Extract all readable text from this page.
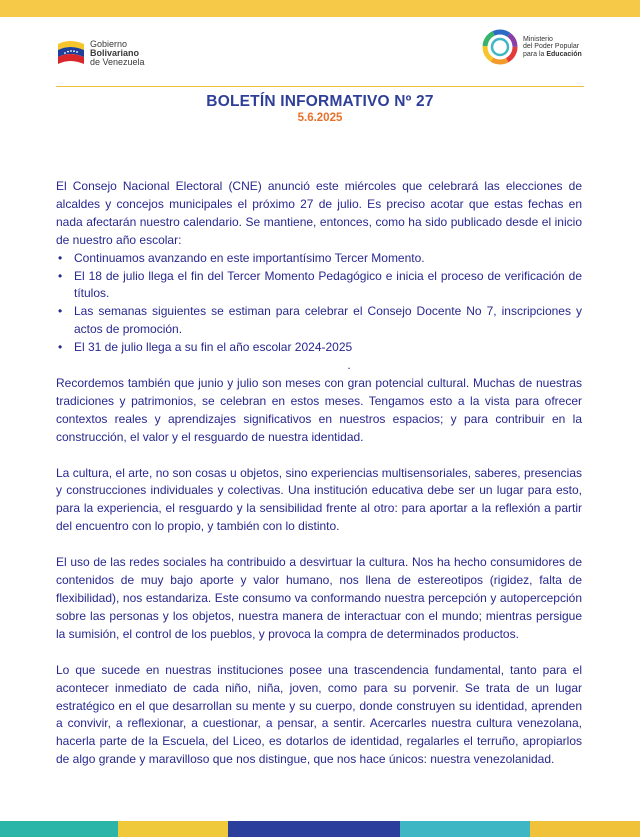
Gobierno
Bolivariano
de Venezuela
Ministerio
del Poder Popular
para la Educación
BOLETÍN INFORMATIVO Nº 27
5.6.2025

El Consejo Nacional Electoral (CNE) anunció este miércoles que celebrará las elecciones de alcaldes y concejos municipales el próximo 27 de julio. Es preciso acotar que estas fechas en nada afectarán nuestro calendario. Se mantiene, entonces, como ha sido publicado desde el inicio de nuestro año escolar:

• Continuamos avanzando en este importantísimo Tercer Momento.
• El 18 de julio llega el fin del Tercer Momento Pedagógico e inicia el proceso de verificación de títulos.
• Las semanas siguientes se estiman para celebrar el Consejo Docente No 7, inscripciones y actos de promoción.
• El 31 de julio llega a su fin el año escolar 2024-2025
.

Recordemos también que junio y julio son meses con gran potencial cultural. Muchas de nuestras tradiciones y patrimonios, se celebran en estos meses. Tengamos esto a la vista para ofrecer contextos reales y aprendizajes significativos en nuestros espacios; y para contribuir en la construcción, el valor y el resguardo de nuestra identidad.

La cultura, el arte, no son cosas u objetos, sino experiencias multisensoriales, saberes, presencias y construcciones individuales y colectivas. Una institución educativa debe ser un lugar para esto, para la experiencia, el resguardo y la sensibilidad frente al otro: para aportar a la reflexión a partir del encuentro con lo propio, y también con lo distinto.

El uso de las redes sociales ha contribuido a desvirtuar la cultura. Nos ha hecho consumidores de contenidos de muy bajo aporte y valor humano, nos llena de estereotipos (rigidez, falta de flexibilidad), nos estandariza. Este consumo va conformando nuestra percepción y autopercepción sobre las personas y los objetos, nuestra manera de interactuar con el mundo; mientras persigue la sumisión, el control de los pueblos, y provoca la compra de determinados productos.

Lo que sucede en nuestras instituciones posee una trascendencia fundamental, tanto para el acontecer inmediato de cada niño, niña, joven, como para su porvenir. Se trata de un lugar estratégico en el que desarrollan su mente y su cuerpo, donde construyen su identidad, aprenden a convivir, a reflexionar, a cuestionar, a pensar, a sentir. Acercarles nuestra cultura venezolana, hacerla parte de la Escuela, del Liceo, es dotarlos de identidad, regalarles el terruño, apropiarlos de algo grande y maravilloso que nos distingue, que nos hace únicos: nuestra venezolanidad.
